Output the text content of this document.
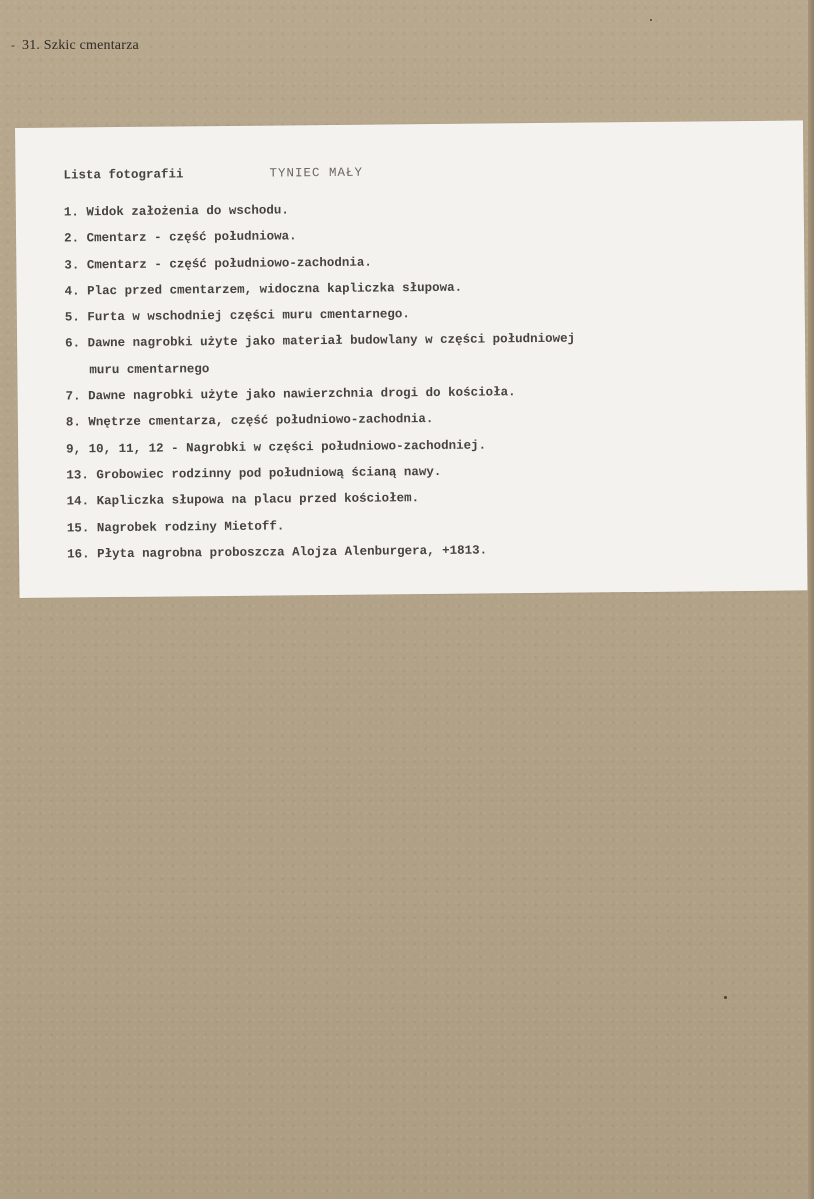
- 31. Szkic cmentarza
Lista fotografii	TYNIEC MAŁY
1. Widok założenia do wschodu.
2. Cmentarz - część południowa.
3. Cmentarz - część południowo-zachodnia.
4. Plac przed cmentarzem, widoczna kapliczka słupowa.
5. Furta w wschodniej części muru cmentarnego.
6. Dawne nagrobki użyte jako materiał budowlany w części południowej
muru cmentarnego
7. Dawne nagrobki użyte jako nawierzchnia drogi do kościoła.
8. Wnętrze cmentarza, część południowo-zachodnia.
9, 10, 11, 12 - Nagrobki w części południowo-zachodniej.
13. Grobowiec rodzinny pod południową ścianą nawy.
14. Kapliczka słupowa na placu przed kościołem.
15. Nagrobek rodziny Mietoff.
16. Płyta nagrobna proboszcza Alojza Alenburgera, +1813.
